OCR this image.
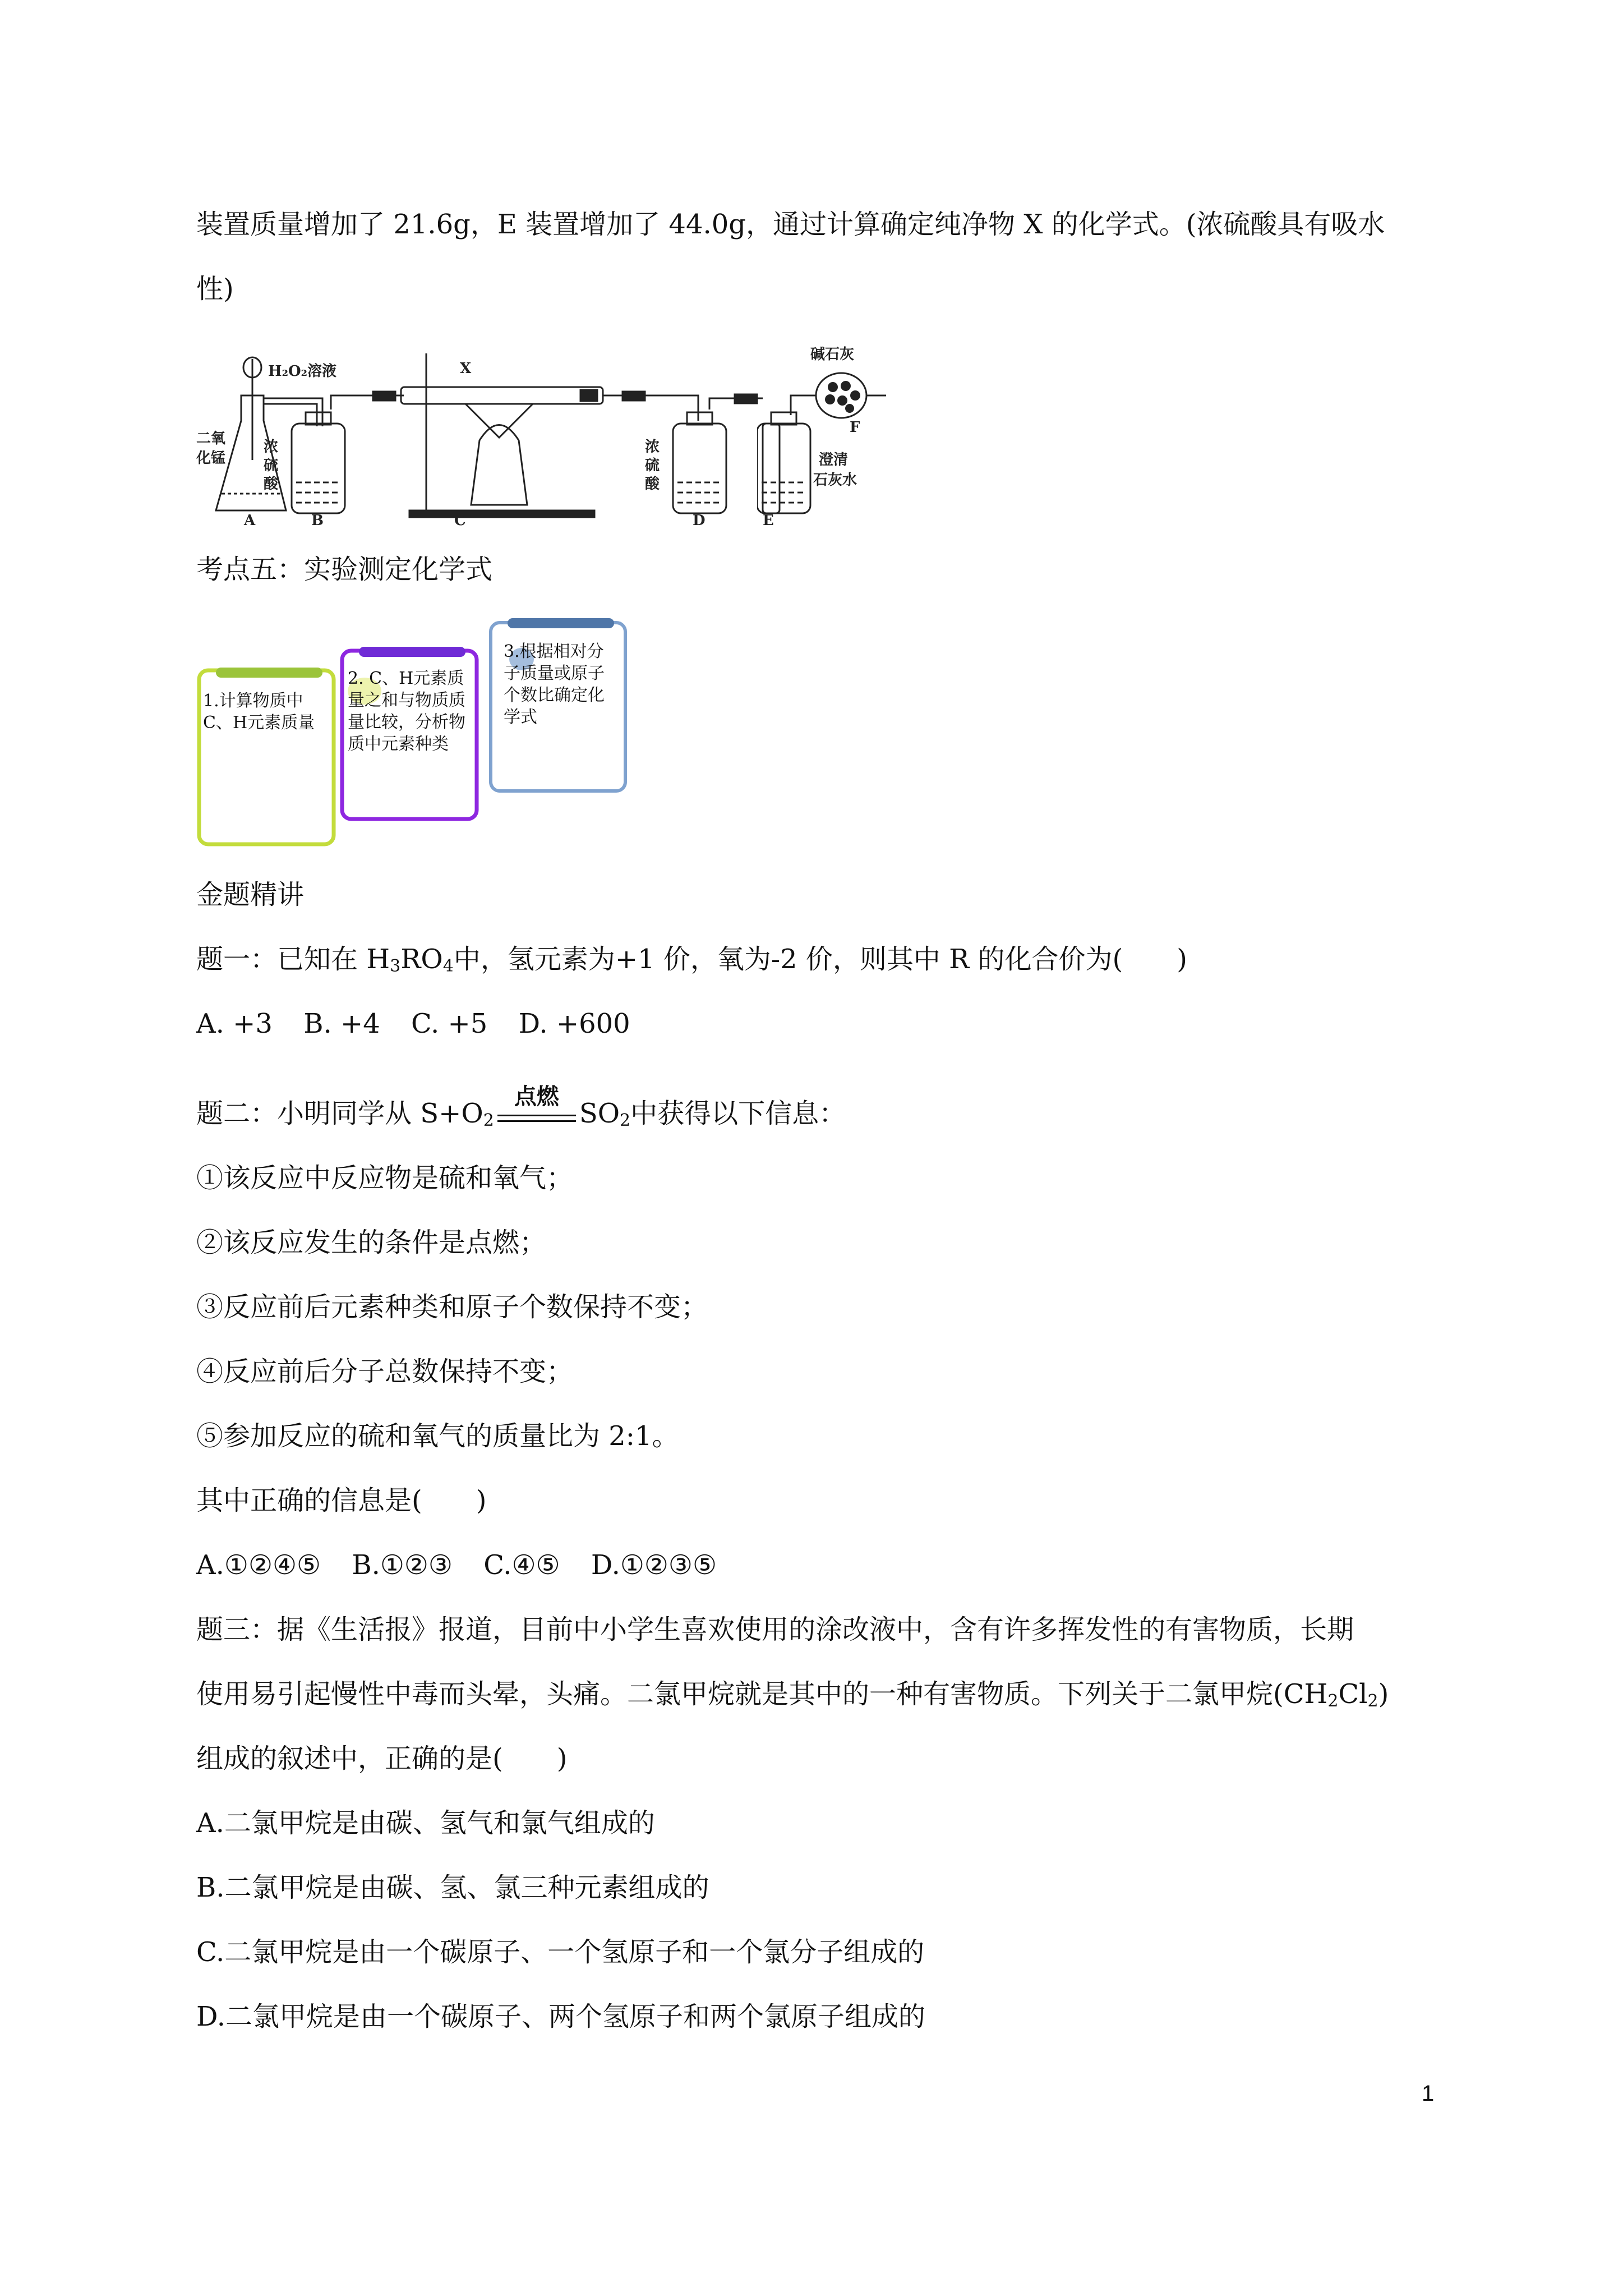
装置质量增加了 21.6g，E 装置增加了 44.0g，通过计算确定纯净物 X 的化学式。(浓硫酸具有吸水
性)
H₂O₂溶液	X
二氧
化锰
浓
硫
酸
浓
硫
酸
A	B	C	D	E
碱石灰
F
澄清
石灰水
考点五：实验测定化学式
1.计算物质中C、H元素质量
2. C、H元素质量之和与物质质量比较，分析物质中元素种类
3.根据相对分子质量或原子个数比确定化学式
金题精讲
题一：已知在 $H_3RO_4$中，氢元素为+1 价，氧为-2 价，则其中 R 的化合价为(　　)
A. +3 B. +4 C. +5 D. +600
题二：小明同学从 $S+O_2$
点燃
$SO_2$中获得以下信息：
①该反应中反应物是硫和氧气；
②该反应发生的条件是点燃；
③反应前后元素种类和原子个数保持不变；
④反应前后分子总数保持不变；
⑤参加反应的硫和氧气的质量比为 2:1。
其中正确的信息是(　　)
A.①②④⑤ B.①②③ C.④⑤ D.①②③⑤
题三：据《生活报》报道，目前中小学生喜欢使用的涂改液中，含有许多挥发性的有害物质，长期
使用易引起慢性中毒而头晕，头痛。二氯甲烷就是其中的一种有害物质。下列关于二氯甲烷$(CH_2Cl_2)$
组成的叙述中，正确的是(　　)
A.二氯甲烷是由碳、氢气和氯气组成的
B.二氯甲烷是由碳、氢、氯三种元素组成的
C.二氯甲烷是由一个碳原子、一个氢原子和一个氯分子组成的
D.二氯甲烷是由一个碳原子、两个氢原子和两个氯原子组成的
1
